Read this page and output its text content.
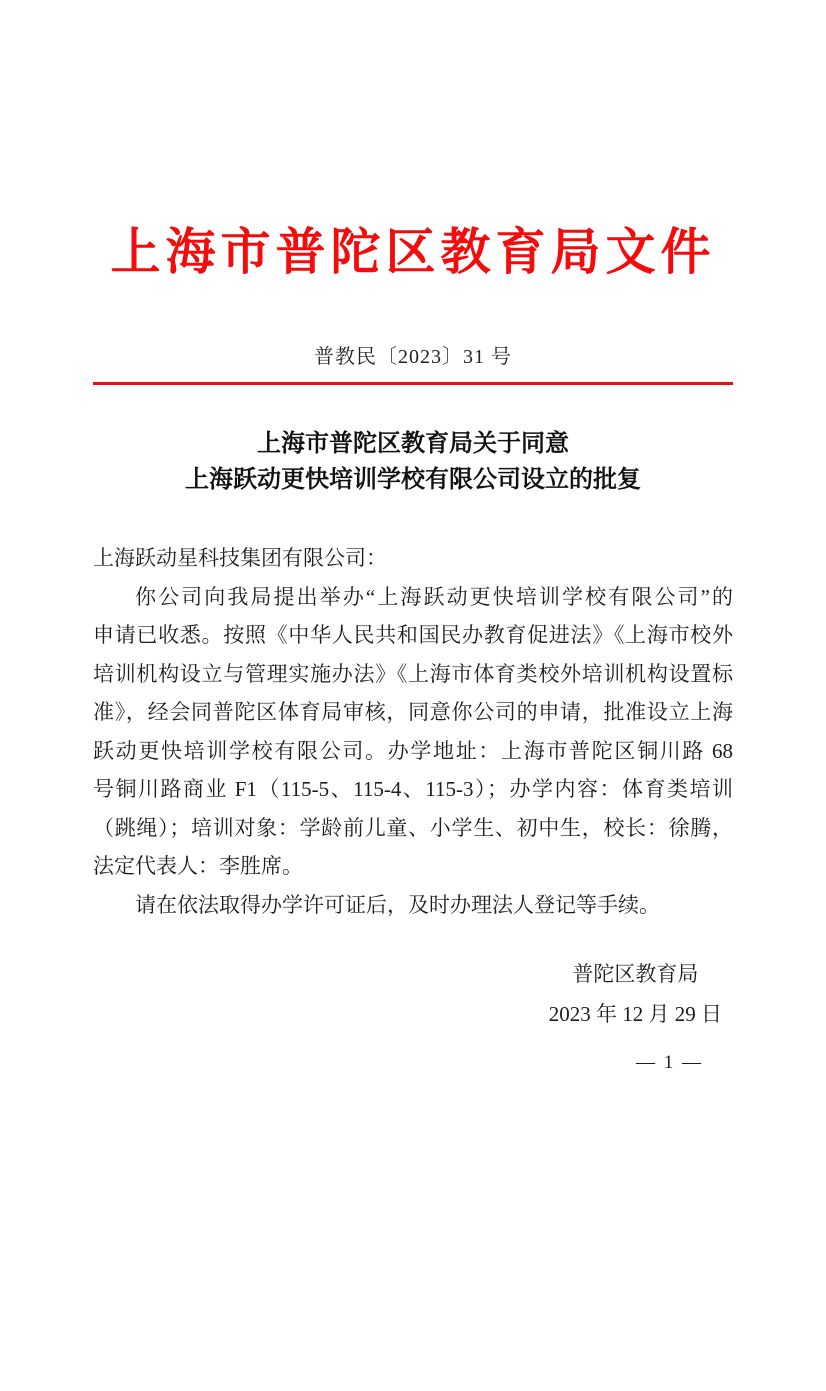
上海市普陀区教育局文件
普教民〔2023〕31 号
上海市普陀区教育局关于同意
上海跃动更快培训学校有限公司设立的批复
上海跃动星科技集团有限公司：
你公司向我局提出举办“上海跃动更快培训学校有限公司”的
申请已收悉。按照《中华人民共和国民办教育促进法》《上海市校外
培训机构设立与管理实施办法》《上海市体育类校外培训机构设置标
准》，经会同普陀区体育局审核，同意你公司的申请，批准设立上海
跃动更快培训学校有限公司。办学地址：上海市普陀区铜川路 68
号铜川路商业 F1（115-5、115-4、115-3）；办学内容：体育类培训
（跳绳）；培训对象：学龄前儿童、小学生、初中生，校长：徐腾，
法定代表人：李胜席。
请在依法取得办学许可证后，及时办理法人登记等手续。
普陀区教育局
2023 年 12 月 29 日
— 1 —
